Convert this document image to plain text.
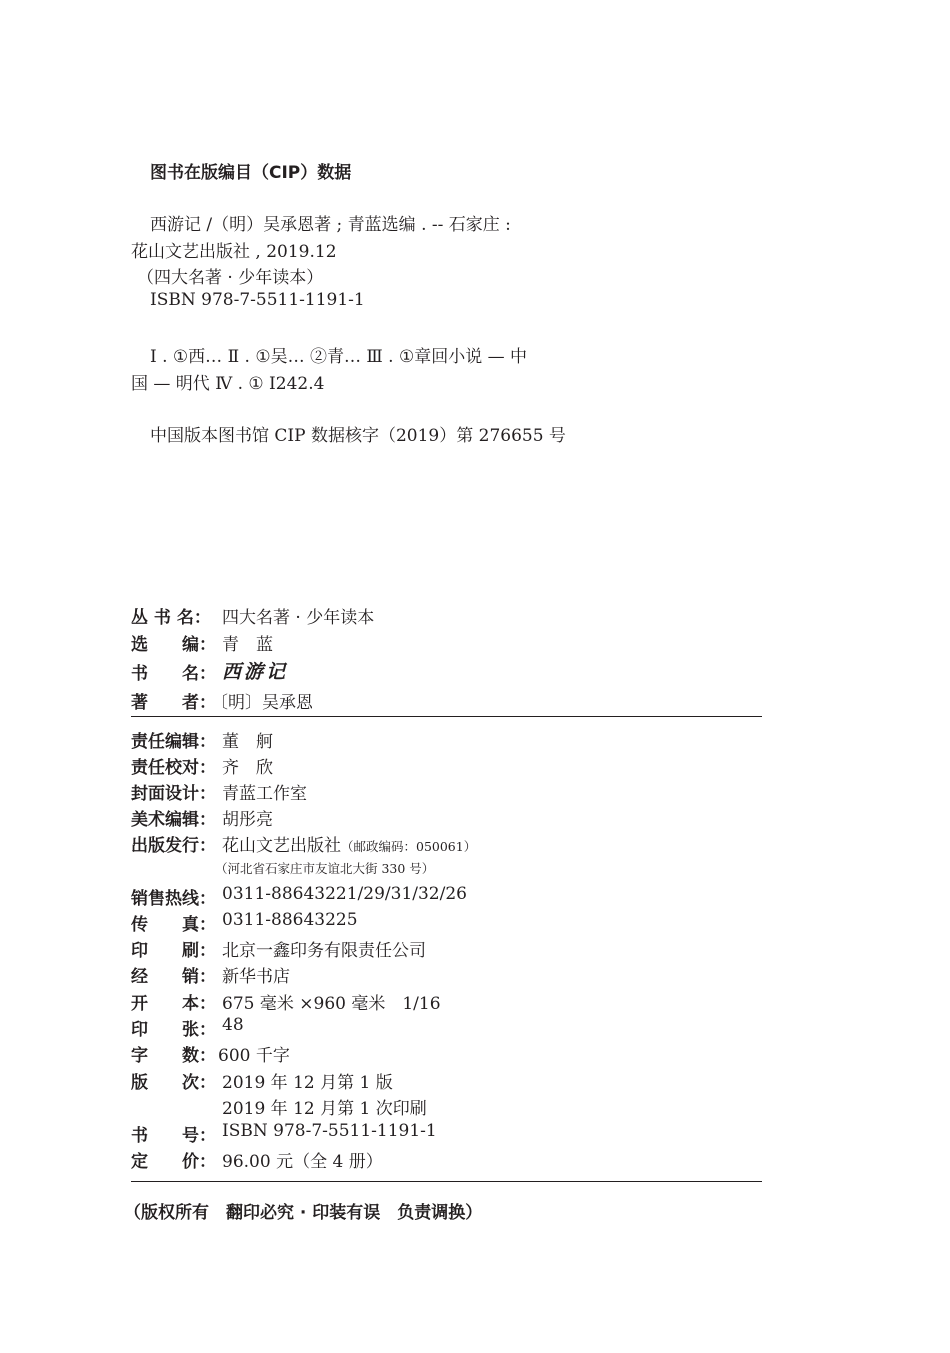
图书在版编目（CIP）数据
西游记 /（明）吴承恩著 ; 青蓝选编 . -- 石家庄 :
花山文艺出版社 , 2019.12
（四大名著 · 少年读本）
ISBN 978-7-5511-1191-1
Ⅰ . ①西… Ⅱ . ①吴… ②青… Ⅲ . ①章回小说 — 中
国 — 明代 Ⅳ . ① I242.4
中国版本图书馆 CIP 数据核字（2019）第 276655 号
丛 书 名： 四大名著 · 少年读本
选　　编： 青　蓝
书　　名： 西游记
著　　者：
〔明〕吴承恩
责任编辑： 董　舸
责任校对： 齐　欣
封面设计： 青蓝工作室
美术编辑： 胡彤亮
出版发行： 花山文艺出版社（邮政编码：050061）
（河北省石家庄市友谊北大街 330 号）
销售热线： 0311-88643221/29/31/32/26
传　　真： 0311-88643225
印　　刷： 北京一鑫印务有限责任公司
经　　销： 新华书店
开　　本： 675 毫米 ×960 毫米　1/16
印　　张： 48
字　　数： 600 千字
版　　次： 2019 年 12 月第 1 版
2019 年 12 月第 1 次印刷
书　　号： ISBN 978-7-5511-1191-1
定　　价： 96.00 元（全 4 册）
（版权所有　翻印必究 · 印装有误　负责调换）
